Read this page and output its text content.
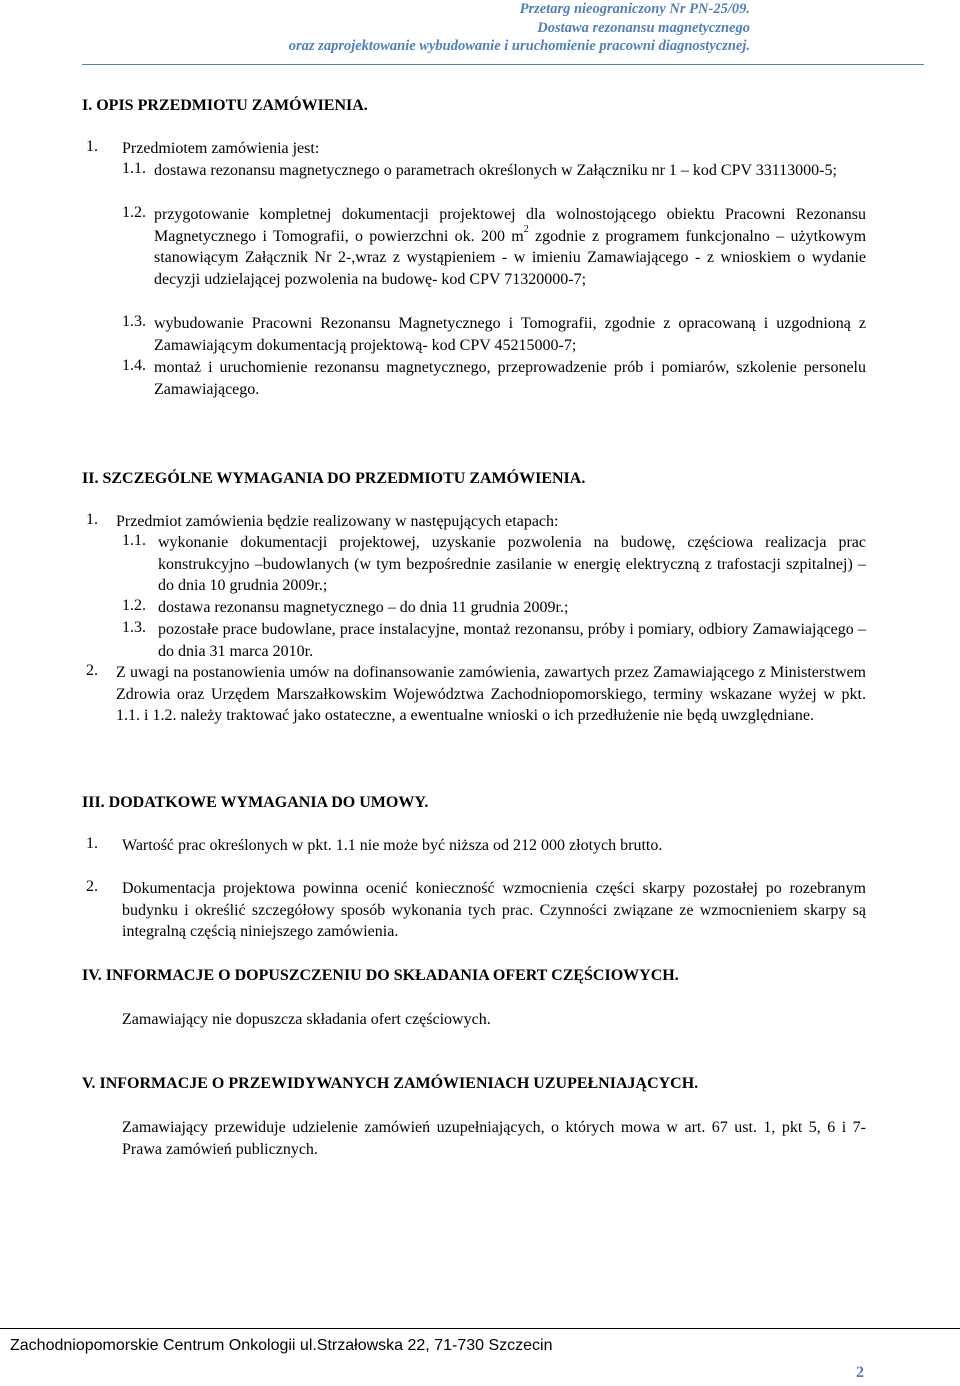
Przetarg nieograniczony Nr PN-25/09.
Dostawa rezonansu magnetycznego
oraz zaprojektowanie wybudowanie i uruchomienie pracowni diagnostycznej.
I. OPIS PRZEDMIOTU ZAMÓWIENIA.
1. Przedmiotem zamówienia jest:
1.1. dostawa rezonansu magnetycznego o parametrach określonych w Załączniku nr 1 – kod CPV 33113000-5;
1.2. przygotowanie kompletnej dokumentacji projektowej dla wolnostojącego obiektu Pracowni Rezonansu Magnetycznego i Tomografii, o powierzchni ok. 200 $m^2$ zgodnie z programem funkcjonalno – użytkowym stanowiącym Załącznik Nr 2-,wraz z wystąpieniem - w imieniu Zamawiającego - z wnioskiem o wydanie decyzji udzielającej pozwolenia na budowę- kod CPV 71320000-7;
1.3. wybudowanie Pracowni Rezonansu Magnetycznego i Tomografii, zgodnie z opracowaną i uzgodnioną z Zamawiającym dokumentacją projektową- kod CPV 45215000-7;
1.4. montaż i uruchomienie rezonansu magnetycznego, przeprowadzenie prób i pomiarów, szkolenie personelu Zamawiającego.
II. SZCZEGÓLNE WYMAGANIA DO PRZEDMIOTU ZAMÓWIENIA.
1. Przedmiot zamówienia będzie realizowany w następujących etapach:
1.1. wykonanie dokumentacji projektowej, uzyskanie pozwolenia na budowę, częściowa realizacja prac konstrukcyjno –budowlanych (w tym bezpośrednie zasilanie w energię elektryczną z trafostacji szpitalnej) – do dnia 10 grudnia 2009r.;
1.2. dostawa rezonansu magnetycznego – do dnia 11 grudnia 2009r.;
1.3. pozostałe prace budowlane, prace instalacyjne, montaż rezonansu, próby i pomiary, odbiory Zamawiającego – do dnia 31 marca 2010r.
2. Z uwagi na postanowienia umów na dofinansowanie zamówienia, zawartych przez Zamawiającego z Ministerstwem Zdrowia oraz Urzędem Marszałkowskim Województwa Zachodniopomorskiego, terminy wskazane wyżej w pkt. 1.1. i 1.2. należy traktować jako ostateczne, a ewentualne wnioski o ich przedłużenie nie będą uwzględniane.
III. DODATKOWE WYMAGANIA DO UMOWY.
1. Wartość prac określonych w pkt. 1.1 nie może być niższa od 212 000 złotych brutto.
2. Dokumentacja projektowa powinna ocenić konieczność wzmocnienia części skarpy pozostałej po rozebranym budynku i określić szczegółowy sposób wykonania tych prac. Czynności związane ze wzmocnieniem skarpy są integralną częścią niniejszego zamówienia.
IV. INFORMACJE O DOPUSZCZENIU DO SKŁADANIA OFERT CZĘŚCIOWYCH.
Zamawiający nie dopuszcza składania ofert częściowych.
V. INFORMACJE O PRZEWIDYWANYCH ZAMÓWIENIACH UZUPEŁNIAJĄCYCH.
Zamawiający przewiduje udzielenie zamówień uzupełniających, o których mowa w art. 67 ust. 1, pkt 5, 6 i 7- Prawa zamówień publicznych.
Zachodniopomorskie Centrum Onkologii ul.Strzałowska 22, 71-730 Szczecin
2
